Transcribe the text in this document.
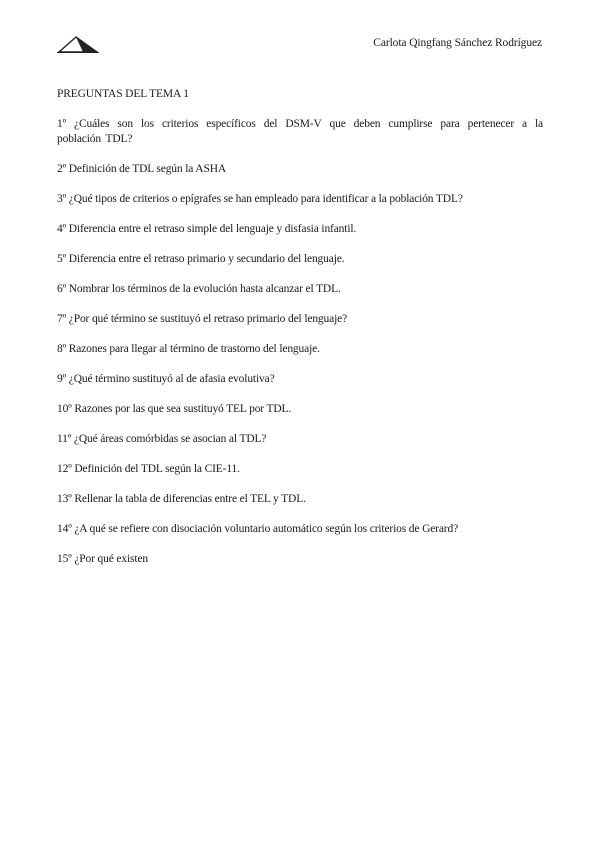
Carlota Qingfang Sánchez Rodríguez
PREGUNTAS DEL TEMA 1

1º ¿Cuáles son los criterios específicos del DSM-V que deben cumplirse para pertenecer a la población TDL?

2º Definición de TDL según la ASHA

3º ¿Qué tipos de criterios o epígrafes se han empleado para identificar a la población TDL?

4º Diferencia entre el retraso simple del lenguaje y disfasia infantil.

5º Diferencia entre el retraso primario y secundario del lenguaje.

6º Nombrar los términos de la evolución hasta alcanzar el TDL.

7º ¿Por qué término se sustituyó el retraso primario del lenguaje?

8º Razones para llegar al término de trastorno del lenguaje.

9º ¿Qué término sustituyó al de afasia evolutiva?

10º Razones por las que sea sustituyó TEL por TDL.

11º ¿Qué áreas comórbidas se asocian al TDL?

12º Definición del TDL según la CIE-11.

13º Rellenar la tabla de diferencias entre el TEL y TDL.

14º ¿A qué se refiere con disociación voluntario automático según los criterios de Gerard?

15º ¿Por qué existen
